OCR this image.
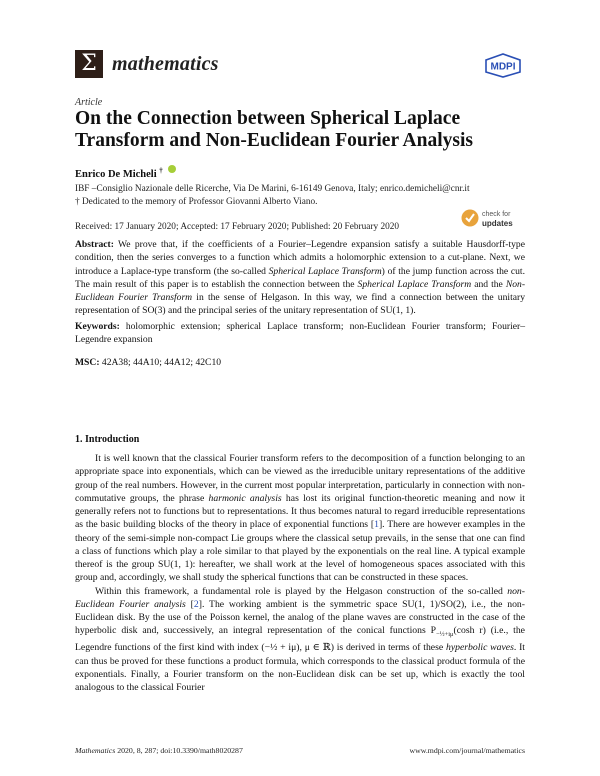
Σ mathematics	MDPI
Article
On the Connection between Spherical Laplace Transform and Non-Euclidean Fourier Analysis
Enrico De Micheli †
IBF –Consiglio Nazionale delle Ricerche, Via De Marini, 6-16149 Genova, Italy; enrico.demicheli@cnr.it
† Dedicated to the memory of Professor Giovanni Alberto Viano.
Received: 17 January 2020; Accepted: 17 February 2020; Published: 20 February 2020
check for
updates
Abstract: We prove that, if the coefficients of a Fourier–Legendre expansion satisfy a suitable Hausdorff-type condition, then the series converges to a function which admits a holomorphic extension to a cut-plane. Next, we introduce a Laplace-type transform (the so-called Spherical Laplace Transform) of the jump function across the cut. The main result of this paper is to establish the connection between the Spherical Laplace Transform and the Non-Euclidean Fourier Transform in the sense of Helgason. In this way, we find a connection between the unitary representation of SO(3) and the principal series of the unitary representation of SU(1, 1).
Keywords: holomorphic extension; spherical Laplace transform; non-Euclidean Fourier transform; Fourier–Legendre expansion
MSC: 42A38; 44A10; 44A12; 42C10
1. Introduction

It is well known that the classical Fourier transform refers to the decomposition of a function belonging to an appropriate space into exponentials, which can be viewed as the irreducible unitary representations of the additive group of the real numbers. However, in the current most popular interpretation, particularly in connection with non-commutative groups, the phrase harmonic analysis has lost its original function-theoretic meaning and now it generally refers not to functions but to representations. It thus becomes natural to regard irreducible representations as the basic building blocks of the theory in place of exponential functions [1]. There are however examples in the theory of the semi-simple non-compact Lie groups where the classical setup prevails, in the sense that one can find a class of functions which play a role similar to that played by the exponentials on the real line. A typical example thereof is the group SU(1, 1): hereafter, we shall work at the level of homogeneous spaces associated with this group and, accordingly, we shall study the spherical functions that can be constructed in these spaces.

Within this framework, a fundamental role is played by the Helgason construction of the so-called non-Euclidean Fourier analysis [2]. The working ambient is the symmetric space SU(1, 1)/SO(2), i.e., the non-Euclidean disk. By the use of the Poisson kernel, the analog of the plane waves are constructed in the case of the hyperbolic disk and, successively, an integral representation of the conical functions $P_{-\frac{1}{2}+i\mu}(\cosh$ r) (i.e., the Legendre functions of the first kind with index (−½ + iμ), μ ∈ ℝ) is derived in terms of these hyperbolic waves. It can thus be proved for these functions a product formula, which corresponds to the classical product formula of the exponentials. Finally, a Fourier transform on the non-Euclidean disk can be set up, which is exactly the tool analogous to the classical Fourier

Mathematics 2020, 8, 287; doi:10.3390/math8020287	www.mdpi.com/journal/mathematics
